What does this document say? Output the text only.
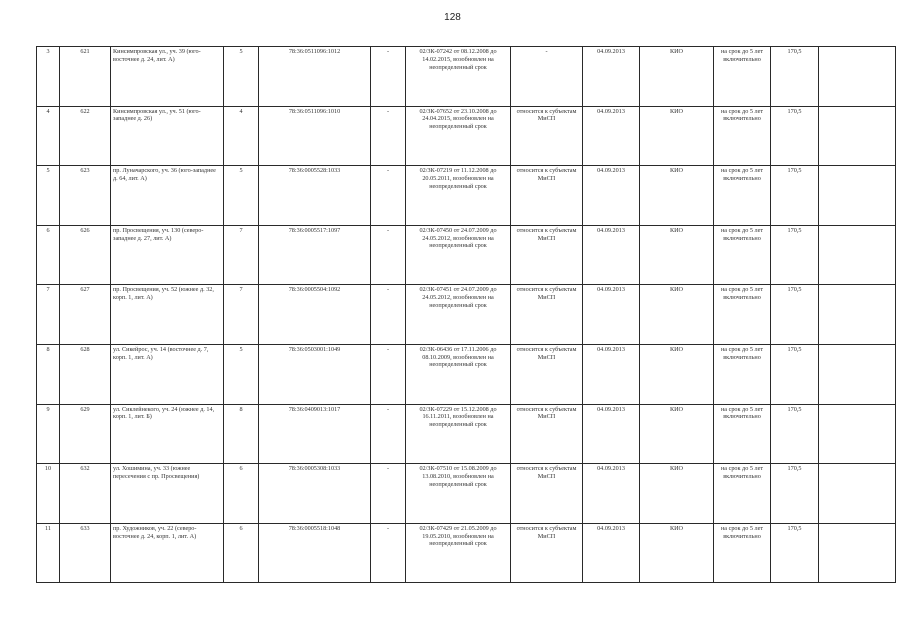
128
3	621	Кинсимпровская ул., уч. 39 (юго-восточнее д. 24, лит. А)	5	78:36:0511096:1012	-	02/ЗК-07242 от 08.12.2008 до 14.02.2015, возобновлен на неопределенный срок	-	04.09.2013	КИО	на срок до 5 лет включительно	170,5	
4	622	Кинсимпровская ул., уч. 51 (юго-западнее д. 26)	4	78:36:0511096:1010	-	02/ЗК-07652 от 23.10.2008 до 24.04.2015, возобновлен на неопределенный срок	относится к субъектам МиСП	04.09.2013	КИО	на срок до 5 лет включительно	170,5	
5	623	пр. Луначарского, уч. 36 (юго-западнее д. 64, лит. А)	5	78:36:0005528:1033	-	02/ЗК-07219 от 11.12.2008 до 20.05.2011, возобновлен на неопределенный срок	относится к субъектам МиСП	04.09.2013	КИО	на срок до 5 лет включительно	170,5	
6	626	пр. Просвещения, уч. 130 (северо-западнее д. 27, лит. А)	7	78:36:0005517:1097	-	02/ЗК-07450 от 24.07.2009 до 24.05.2012, возобновлен на неопределенный срок	относится к субъектам МиСП	04.09.2013	КИО	на срок до 5 лет включительно	170,5	
7	627	пр. Просвещения, уч. 52 (южнее д. 32, корп. 1, лит. А)	7	78:36:0005504:1092	-	02/ЗК-07451 от 24.07.2009 до 24.05.2012, возобновлен на неопределенный срок	относится к субъектам МиСП	04.09.2013	КИО	на срок до 5 лет включительно	170,5	
8	628	ул. Сикейрос, уч. 14 (восточнее д. 7, корп. 1, лит. А)	5	78:36:0503001:1049	-	02/ЗК-06436 от 17.11.2006 до 08.10.2009, возобновлен на неопределенный срок	относится к субъектам МиСП	04.09.2013	КИО	на срок до 5 лет включительно	170,5	
9	629	ул. Сиклейнекого, уч. 24 (южнее д. 14, корп. 1, лит. Б)	8	78:36:0409013:1017	-	02/ЗК-07229 от 15.12.2008 до 16.11.2011, возобновлен на неопределенный срок	относится к субъектам МиСП	04.09.2013	КИО	на срок до 5 лет включительно	170,5	
10	632	ул. Хошимина, уч. 33 (южнее пересечения с пр. Просвещения)	6	78:36:0005308:1033	-	02/ЗК-07510 от 15.08.2009 до 13.08.2010, возобновлен на неопределенный срок	относится к субъектам МиСП	04.09.2013	КИО	на срок до 5 лет включительно	170,5	
11	633	пр. Художников, уч. 22 (северо-восточнее д. 24, корп. 1, лит. А)	6	78:36:0005518:1048	-	02/ЗК-07429 от 21.05.2009 до 19.05.2010, возобновлен на неопределенный срок	относится к субъектам МиСП	04.09.2013	КИО	на срок до 5 лет включительно	170,5	
